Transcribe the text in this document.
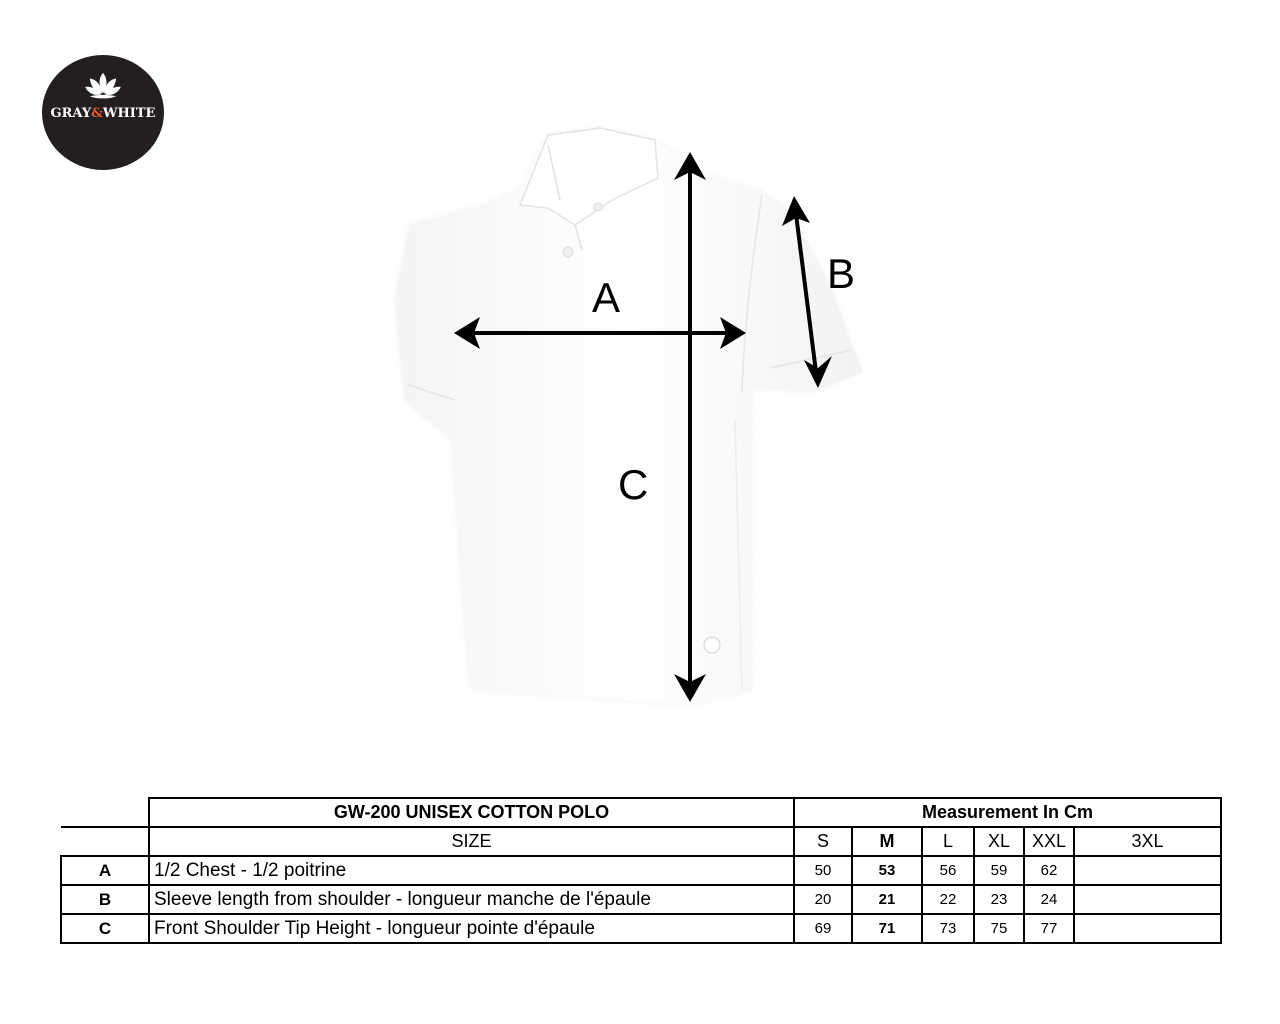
GRAY&WHITE
A
B
C
	GW-200 UNISEX COTTON POLO	Measurement In Cm					
	SIZE	S	M	L	XL	XXL	3XL
A	1/2 Chest - 1/2 poitrine	50	53	56	59	62	
B	Sleeve length from shoulder - longueur manche de l'épaule	20	21	22	23	24	
C	Front Shoulder Tip Height - longueur pointe d'épaule	69	71	73	75	77	
